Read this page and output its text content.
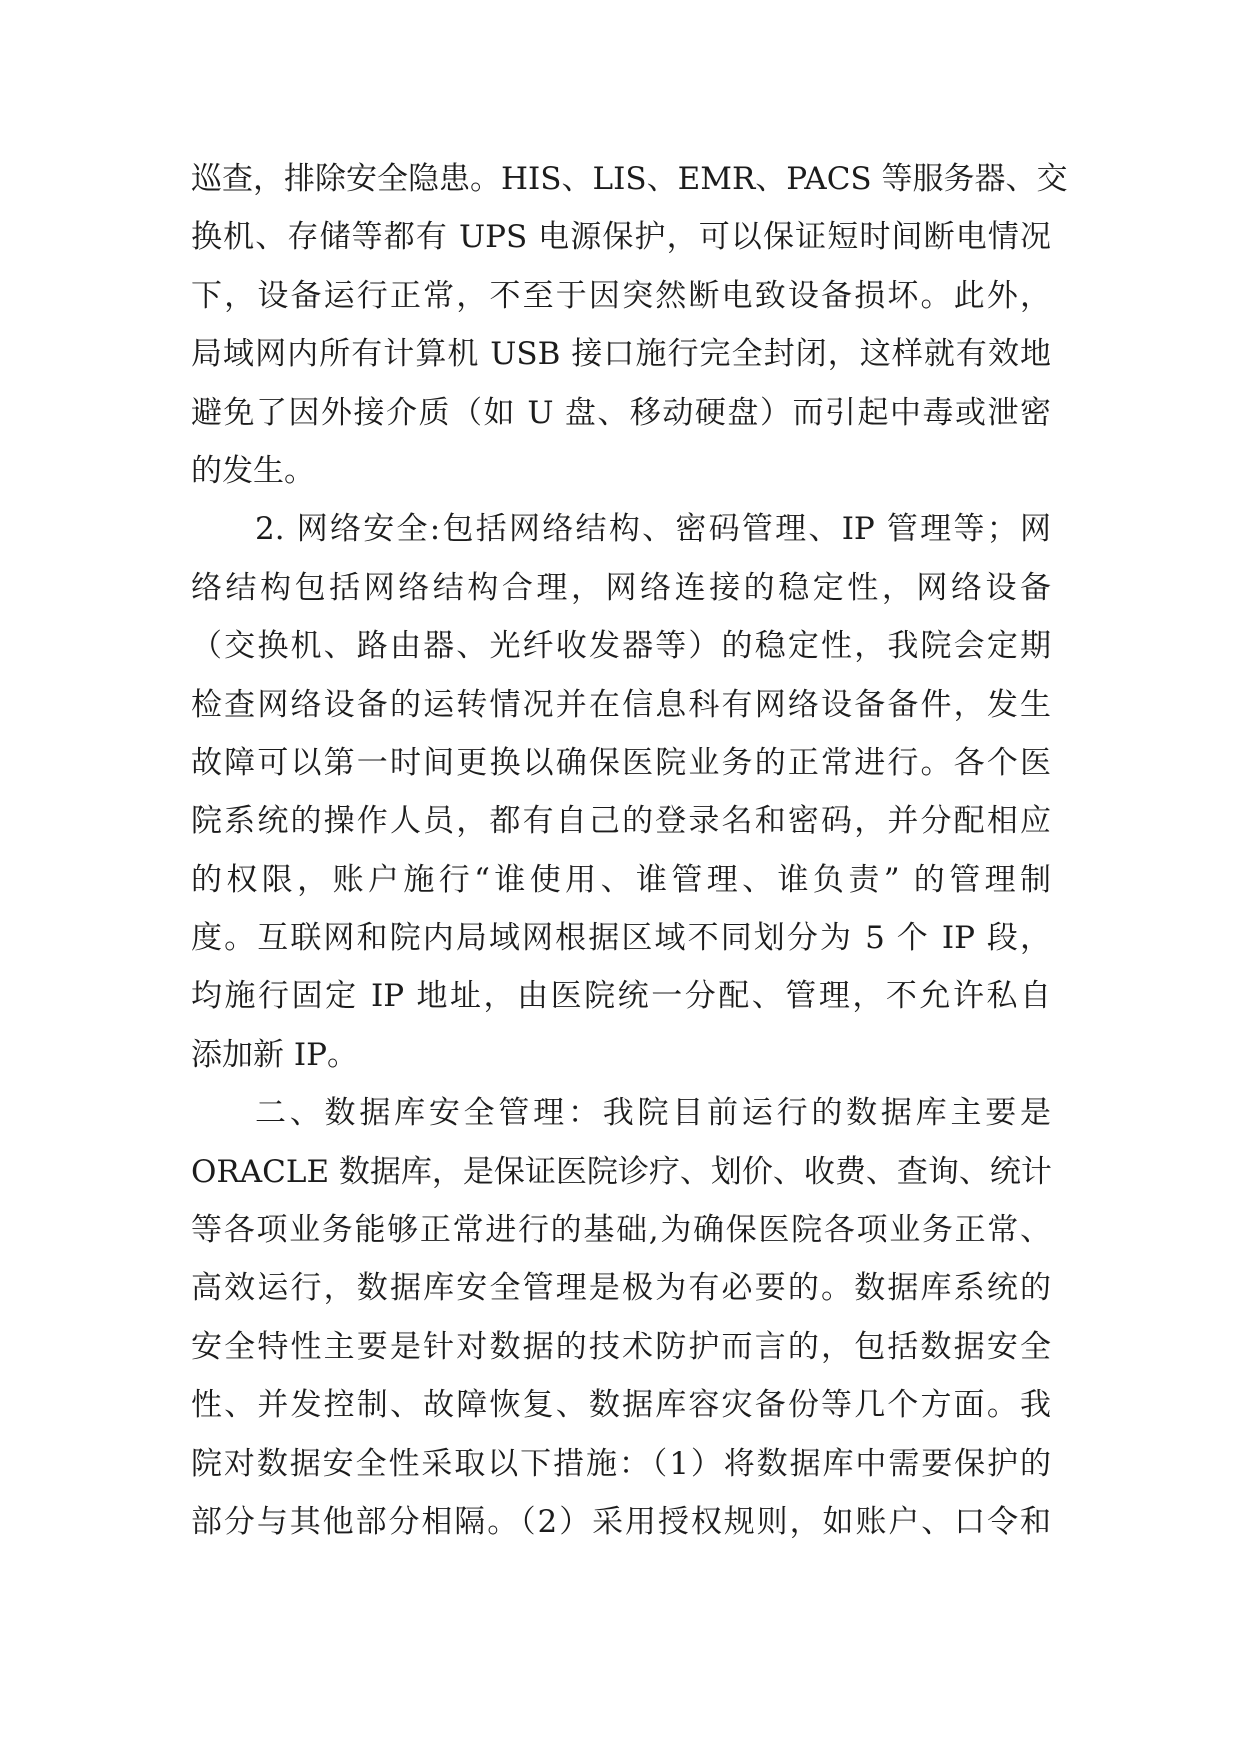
巡查，排除安全隐患。HIS、LIS、EMR、PACS 等服务器、交
换机、存储等都有 UPS 电源保护，可以保证短时间断电情况
下，设备运行正常，不至于因突然断电致设备损坏。此外，
局域网内所有计算机 USB 接口施行完全封闭，这样就有效地
避免了因外接介质（如 U 盘、移动硬盘）而引起中毒或泄密
的发生。
2. 网络安全:包括网络结构、密码管理、IP 管理等；网
络结构包括网络结构合理，网络连接的稳定性，网络设备
（交换机、路由器、光纤收发器等）的稳定性，我院会定期
检查网络设备的运转情况并在信息科有网络设备备件，发生
故障可以第一时间更换以确保医院业务的正常进行。各个医
院系统的操作人员，都有自己的登录名和密码，并分配相应
的权限，账户施行“谁使用、谁管理、谁负责” 的管理制
度。互联网和院内局域网根据区域不同划分为 5 个 IP 段，
均施行固定 IP 地址，由医院统一分配、管理，不允许私自
添加新 IP。
二、数据库安全管理：我院目前运行的数据库主要是
ORACLE 数据库，是保证医院诊疗、划价、收费、查询、统计
等各项业务能够正常进行的基础,为确保医院各项业务正常、
高效运行，数据库安全管理是极为有必要的。数据库系统的
安全特性主要是针对数据的技术防护而言的，包括数据安全
性、并发控制、故障恢复、数据库容灾备份等几个方面。我
院对数据安全性采取以下措施：（1）将数据库中需要保护的
部分与其他部分相隔。（2）采用授权规则，如账户、口令和
